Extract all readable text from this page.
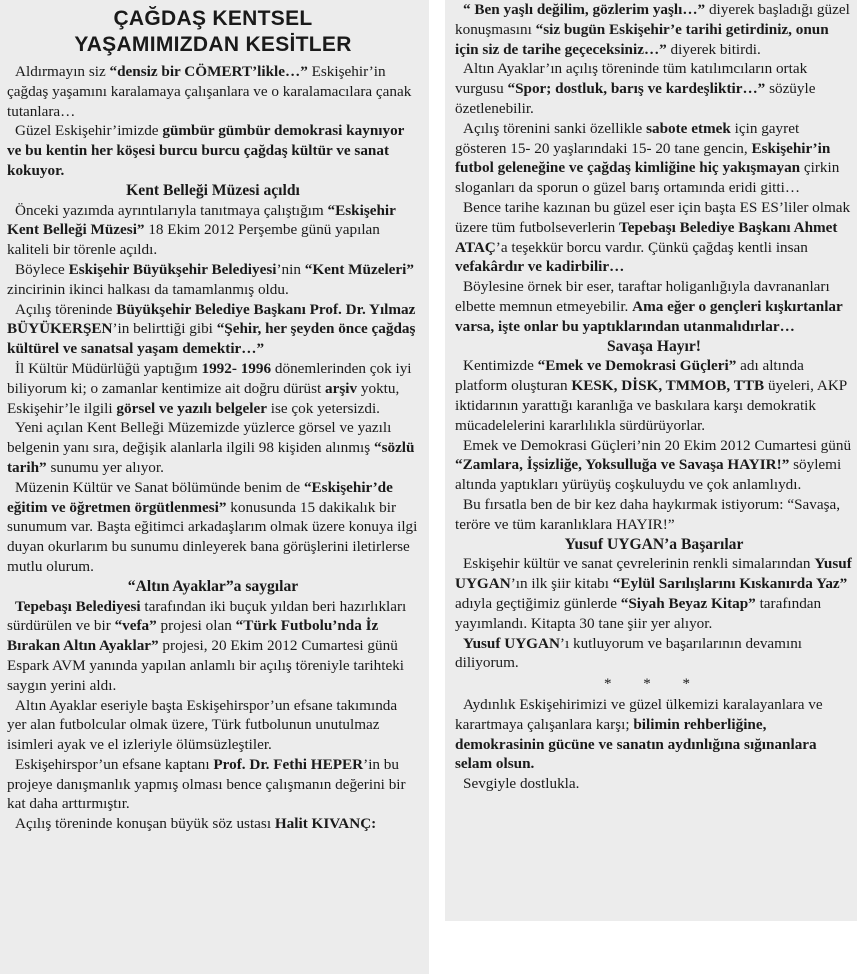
ÇAĞDAŞ KENTSEL
YAŞAMIMIZDAN KESİTLER

Aldırmayın siz “densiz bir CÖMERT’likle…” Eskişehir’in çağdaş yaşamını karalamaya çalışanlara ve o karalamacılara çanak tutanlara…

Güzel Eskişehir’imizde gümbür gümbür demokrasi kaynıyor ve bu kentin her köşesi burcu burcu çağdaş kültür ve sanat kokuyor.

Kent Belleği Müzesi açıldı

Önceki yazımda ayrıntılarıyla tanıtmaya çalıştığım “Eskişehir Kent Belleği Müzesi” 18 Ekim 2012 Perşembe günü yapılan kaliteli bir törenle açıldı.

Böylece Eskişehir Büyükşehir Belediyesi’nin “Kent Müzeleri” zincirinin ikinci halkası da tamamlanmış oldu.

Açılış töreninde Büyükşehir Belediye Başkanı Prof. Dr. Yılmaz BÜYÜKERŞEN’in belirttiği gibi “Şehir, her şeyden önce çağdaş kültürel ve sanatsal yaşam demektir…”

İl Kültür Müdürlüğü yaptığım 1992- 1996 dönemlerinden çok iyi biliyorum ki; o zamanlar kentimize ait doğru dürüst arşiv yoktu, Eskişehir’le ilgili görsel ve yazılı belgeler ise çok yetersizdi.

Yeni açılan Kent Belleği Müzemizde yüzlerce görsel ve yazılı belgenin yanı sıra, değişik alanlarla ilgili 98 kişiden alınmış “sözlü tarih” sunumu yer alıyor.

Müzenin Kültür ve Sanat bölümünde benim de “Eskişehir’de eğitim ve öğretmen örgütlenmesi” konusunda 15 dakikalık bir sunumum var. Başta eğitimci arkadaşlarım olmak üzere konuya ilgi duyan okurlarım bu sunumu dinleyerek bana görüşlerini iletirlerse mutlu olurum.

“Altın Ayaklar”a saygılar

Tepebaşı Belediyesi tarafından iki buçuk yıldan beri hazırlıkları sürdürülen ve bir “vefa” projesi olan “Türk Futbolu’nda İz Bırakan Altın Ayaklar” projesi, 20 Ekim 2012 Cumartesi günü Espark AVM yanında yapılan anlamlı bir açılış töreniyle tarihteki saygın yerini aldı.

Altın Ayaklar eseriyle başta Eskişehirspor’un efsane takımında yer alan futbolcular olmak üzere, Türk futbolunun unutulmaz isimleri ayak ve el izleriyle ölümsüzleştiler.

Eskişehirspor’un efsane kaptanı Prof. Dr. Fethi HEPER’in bu projeye danışmanlık yapmış olması bence çalışmanın değerini bir kat daha arttırmıştır.

Açılış töreninde konuşan büyük söz ustası Halit KIVANÇ:

“ Ben yaşlı değilim, gözlerim yaşlı…” diyerek başladığı güzel konuşmasını “siz bugün Eskişehir’e tarihi getirdiniz, onun için siz de tarihe geçeceksiniz…” diyerek bitirdi.

Altın Ayaklar’ın açılış töreninde tüm katılımcıların ortak vurgusu “Spor; dostluk, barış ve kardeşliktir…” sözüyle özetlenebilir.

Açılış törenini sanki özellikle sabote etmek için gayret gösteren 15- 20 yaşlarındaki 15- 20 tane gencin, Eskişehir’in futbol geleneğine ve çağdaş kimliğine hiç yakışmayan çirkin sloganları da sporun o güzel barış ortamında eridi gitti…

Bence tarihe kazınan bu güzel eser için başta ES ES’liler olmak üzere tüm futbolseverlerin Tepebaşı Belediye Başkanı Ahmet ATAÇ’a teşekkür borcu vardır. Çünkü çağdaş kentli insan vefakârdır ve kadirbilir…

Böylesine örnek bir eser, taraftar holiganlığıyla davrananları elbette memnun etmeyebilir. Ama eğer o gençleri kışkırtanlar varsa, işte onlar bu yaptıklarından utanmalıdırlar…

Savaşa Hayır!

Kentimizde “Emek ve Demokrasi Güçleri” adı altında platform oluşturan KESK, DİSK, TMMOB, TTB üyeleri, AKP iktidarının yarattığı karanlığa ve baskılara karşı demokratik mücadelelerini kararlılıkla sürdürüyorlar.

Emek ve Demokrasi Güçleri’nin 20 Ekim 2012 Cumartesi günü “Zamlara, İşsizliğe, Yoksulluğa ve Savaşa HAYIR!” söylemi altında yaptıkları yürüyüş coşkuluydu ve çok anlamlıydı.

Bu fırsatla ben de bir kez daha haykırmak istiyorum: “Savaşa, teröre ve tüm karanlıklara HAYIR!”

Yusuf UYGAN’a Başarılar

Eskişehir kültür ve sanat çevrelerinin renkli simalarından Yusuf UYGAN’ın ilk şiir kitabı “Eylül Sarılışlarını Kıskanırda Yaz” adıyla geçtiğimiz günlerde “Siyah Beyaz Kitap” tarafından yayımlandı. Kitapta 30 tane şiir yer alıyor.

Yusuf UYGAN’ı kutluyorum ve başarılarının devamını diliyorum.

* * *

Aydınlık Eskişehirimizi ve güzel ülkemizi karalayanlara ve karartmaya çalışanlara karşı; bilimin rehberliğine, demokrasinin gücüne ve sanatın aydınlığına sığınanlara selam olsun.

Sevgiyle dostlukla.
